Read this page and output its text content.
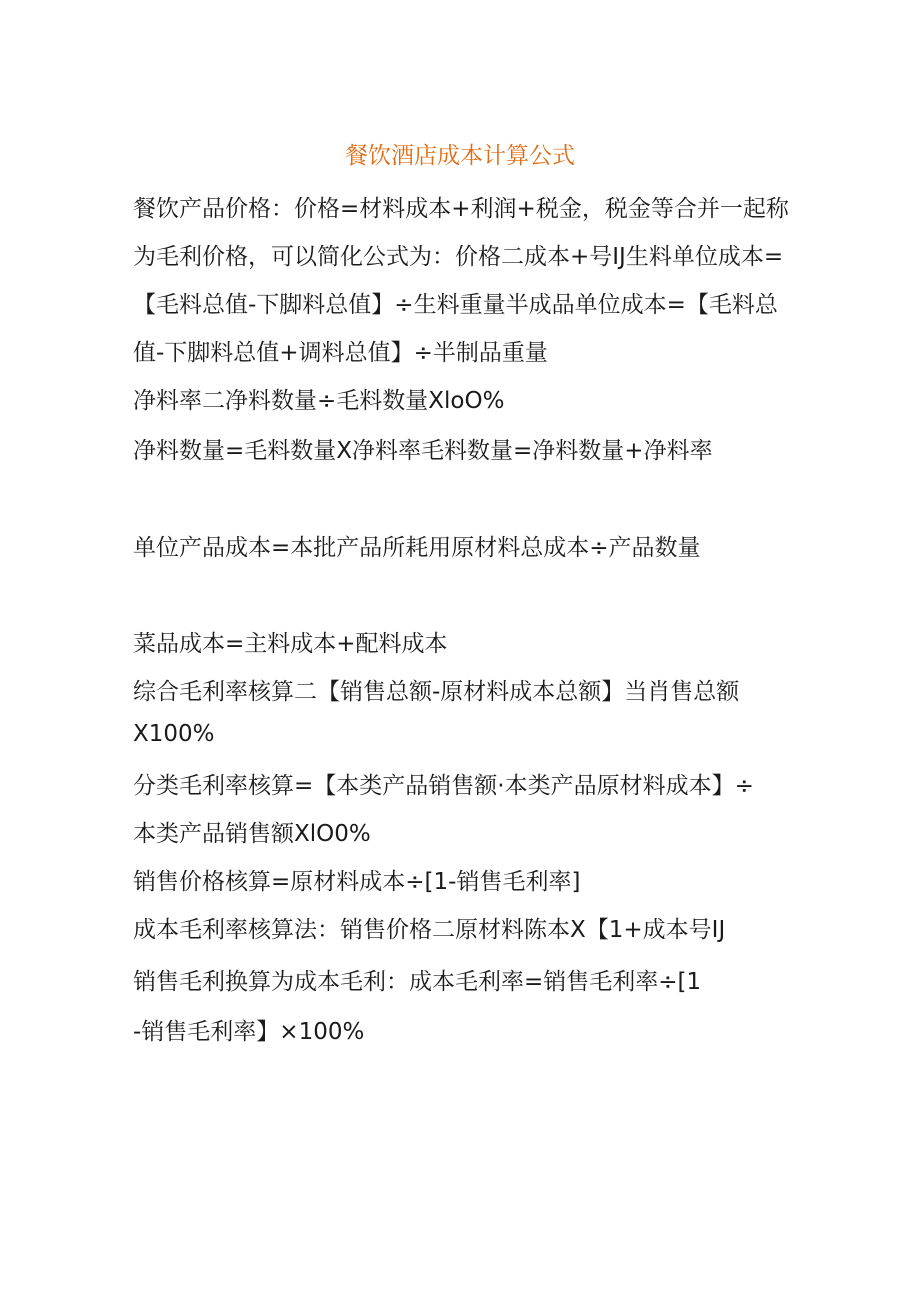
餐饮酒店成本计算公式
餐饮产品价格：价格=材料成本+利润+税金，税金等合并一起称
为毛利价格，可以简化公式为：价格二成本+号IJ生料单位成本=
【毛料总值-下脚料总值】÷生料重量半成品单位成本=【毛料总
值-下脚料总值+调料总值】÷半制品重量
净料率二净料数量÷毛料数量XloO%
净料数量=毛料数量X净料率毛料数量=净料数量+净料率
单位产品成本=本批产品所耗用原材料总成本÷产品数量
菜品成本=主料成本+配料成本
综合毛利率核算二【销售总额-原材料成本总额】当肖售总额
X100%
分类毛利率核算=【本类产品销售额·本类产品原材料成本】÷
本类产品销售额XlO0%
销售价格核算=原材料成本÷[1-销售毛利率]
成本毛利率核算法：销售价格二原材料陈本X【1+成本号IJ
销售毛利换算为成本毛利：成本毛利率=销售毛利率÷[1
-销售毛利率】×100%
